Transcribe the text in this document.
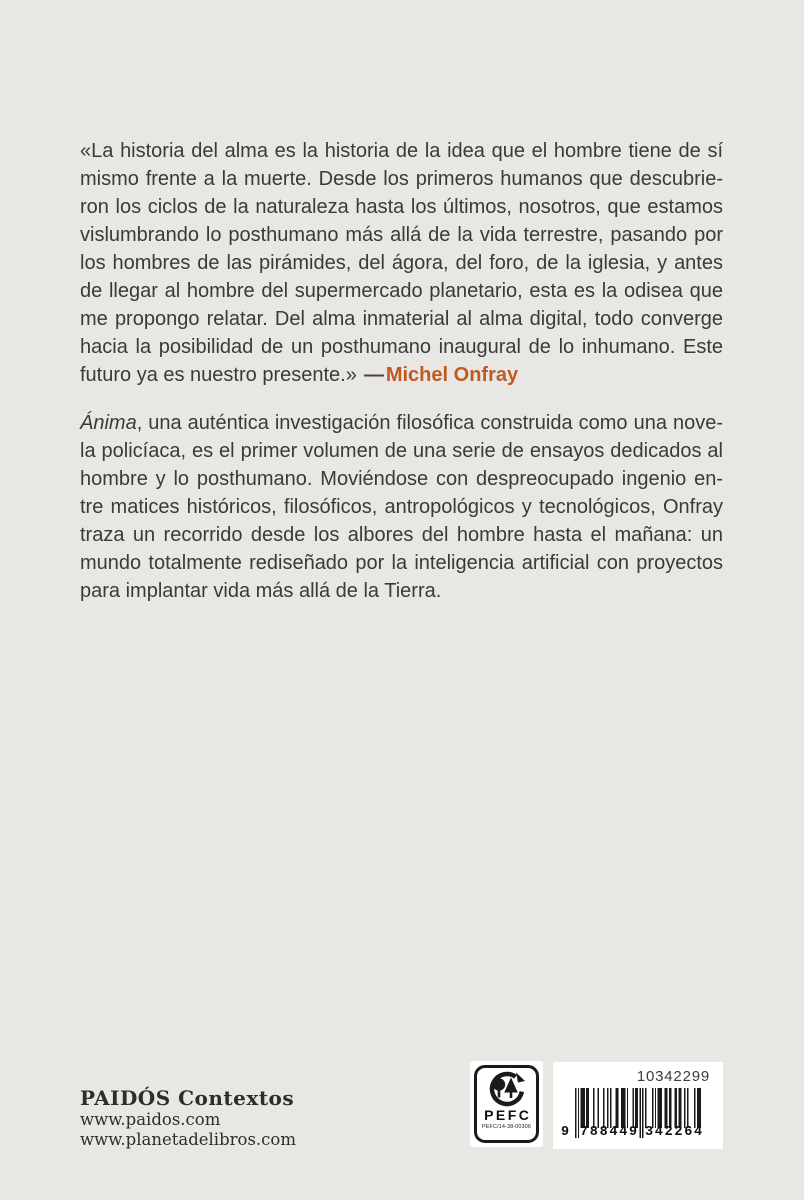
«La historia del alma es la historia de la idea que el hombre tiene de sí
mismo frente a la muerte. Desde los primeros humanos que descubrie-
ron los ciclos de la naturaleza hasta los últimos, nosotros, que estamos
vislumbrando lo posthumano más allá de la vida terrestre, pasando por
los hombres de las pirámides, del ágora, del foro, de la iglesia, y antes
de llegar al hombre del supermercado planetario, esta es la odisea que
me propongo relatar. Del alma inmaterial al alma digital, todo converge
hacia la posibilidad de un posthumano inaugural de lo inhumano. Este
futuro ya es nuestro presente.» — Michel Onfray
Ánima, una auténtica investigación filosófica construida como una nove-
la policíaca, es el primer volumen de una serie de ensayos dedicados al
hombre y lo posthumano. Moviéndose con despreocupado ingenio en-
tre matices históricos, filosóficos, antropológicos y tecnológicos, Onfray
traza un recorrido desde los albores del hombre hasta el mañana: un
mundo totalmente rediseñado por la inteligencia artificial con proyectos
para implantar vida más allá de la Tierra.
PAIDÓS Contextos
www.paidos.com
www.planetadelibros.com
PEFC
PEFC/14-38-00306
10342299
9 788449 342264
